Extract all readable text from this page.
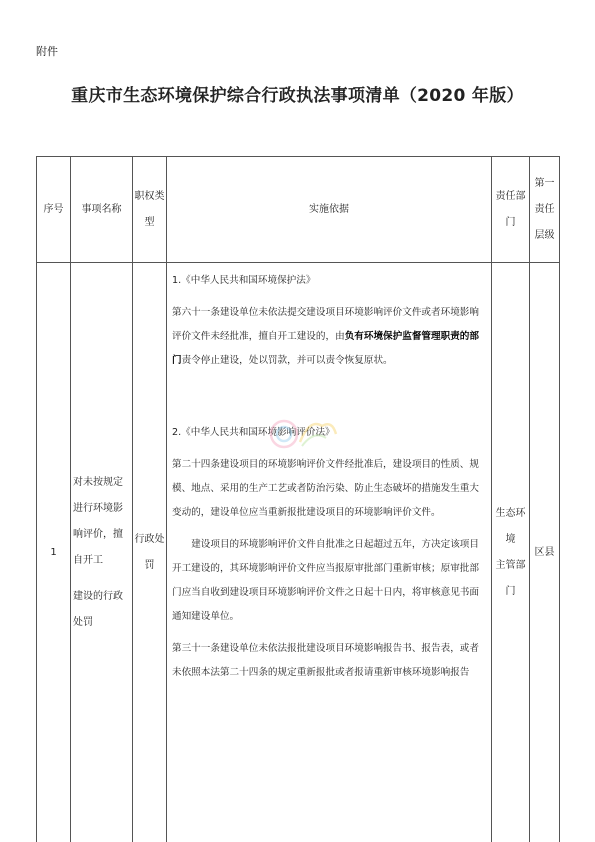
附件
重庆市生态环境保护综合行政执法事项清单（2020 年版）
序号 事项名称
职权类
型
实施依据
责任部
门
第一
责任
层级
1
对未按规定
进行环境影
响评价，擅
自开工
建设的行政
处罚
行政处罚

1.《中华人民共和国环境保护法》

第六十一条建设单位未依法提交建设项目环境影响评价文件或者环境影响评价文件未经批准，擅自开工建设的，由负有环境保护监督管理职责的部门责令停止建设，处以罚款，并可以责令恢复原状。

2.《中华人民共和国环境影响评价法》

第二十四条建设项目的环境影响评价文件经批准后，建设项目的性质、规模、地点、采用的生产工艺或者防治污染、防止生态破坏的措施发生重大变动的，建设单位应当重新报批建设项目的环境影响评价文件。

建设项目的环境影响评价文件自批准之日起超过五年，方决定该项目开工建设的，其环境影响评价文件应当报原审批部门重新审核；原审批部门应当自收到建设项目环境影响评价文件之日起十日内，将审核意见书面通知建设单位。

第三十一条建设单位未依法报批建设项目环境影响报告书、报告表，或者未依照本法第二十四条的规定重新报批或者报请重新审核环境影响报告

生态环
境
主管部
门
区县
